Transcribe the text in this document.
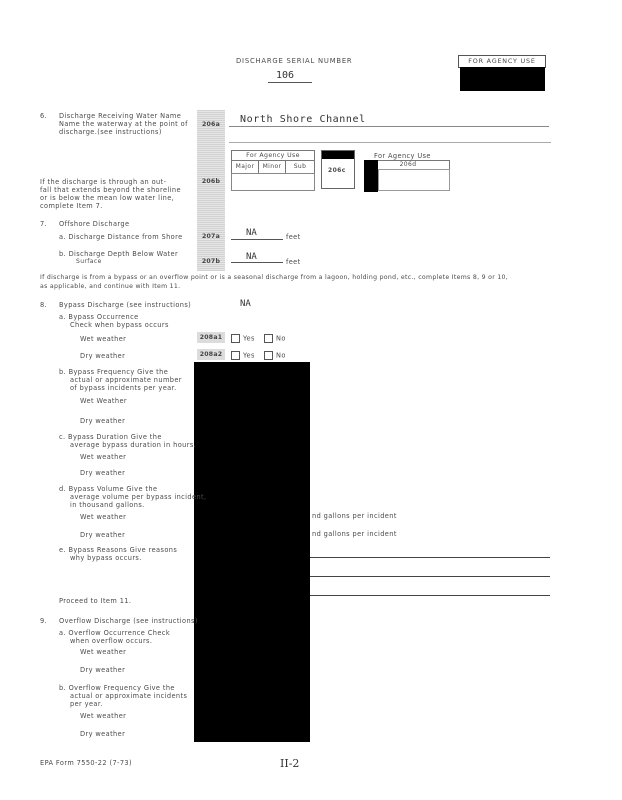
DISCHARGE SERIAL NUMBER
106
FOR AGENCY USE
6. Discharge Receiving Water Name
Name the waterway at the point of
discharge.(see instructions)
206a	North Shore Channel
If the discharge is through an out-
fall that extends beyond the shoreline
or is below the mean low water line,
complete Item 7.
206b
For Agency Use
Major	Minor	Sub
206c
For Agency Use
206d
7. Offshore Discharge
a. Discharge Distance from Shore	207a	NA	feet
b. Discharge Depth Below Water
Surface	207b	NA	feet
If discharge is from a bypass or an overflow point or is a seasonal discharge from a lagoon, holding pond, etc., complete Items 8, 9 or 10,
as applicable, and continue with Item 11.
8. Bypass Discharge (see instructions)	NA
a. Bypass Occurrence
Check when bypass occurs
Wet weather	208a1	Yes	No
Dry weather	208a2	Yes	No
b. Bypass Frequency Give the
actual or approximate number
of bypass incidents per year.
Wet Weather
Dry weather
c. Bypass Duration Give the
average bypass duration in hours.
Wet weather
Dry weather
d. Bypass Volume Give the
average volume per bypass incident,
in thousand gallons.
Wet weather	nd gallons per incident
Dry weather	nd gallons per incident
e. Bypass Reasons Give reasons
why bypass occurs.
Proceed to Item 11.
9. Overflow Discharge (see instructions)
a. Overflow Occurrence Check
when overflow occurs.
Wet weather
Dry weather
b. Overflow Frequency Give the
actual or approximate incidents
per year.
Wet weather
Dry weather
EPA Form 7550-22 (7-73)	II-2
